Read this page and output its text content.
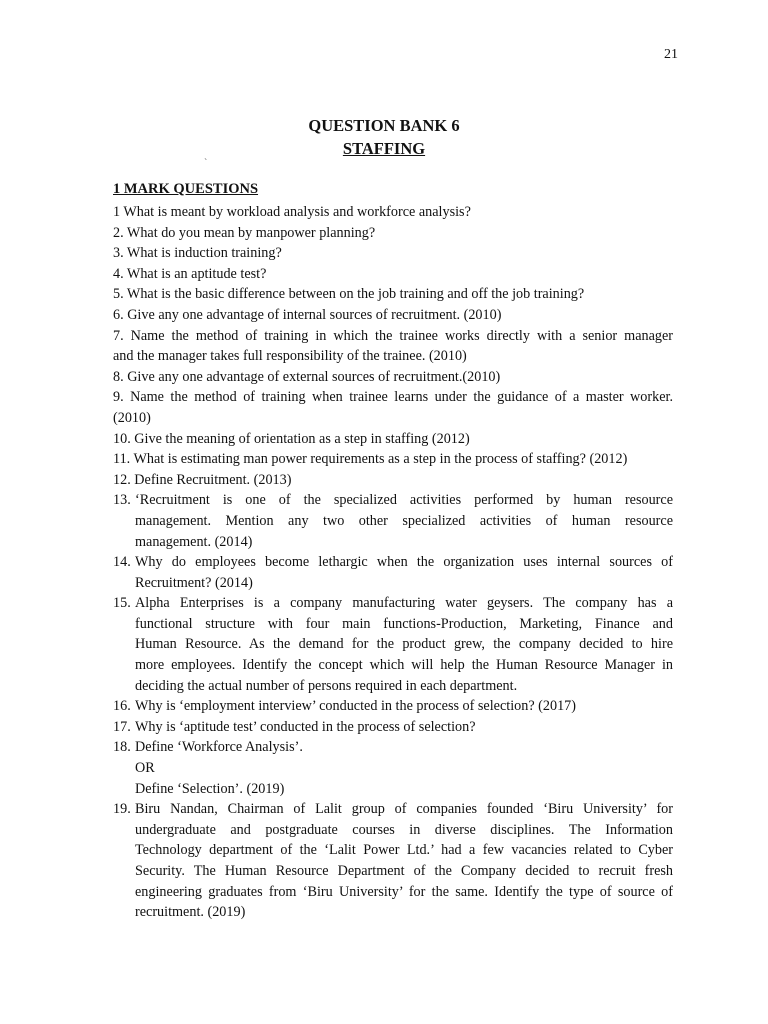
21
QUESTION BANK 6
STAFFING
`
1 MARK QUESTIONS
1 What is meant by workload analysis and workforce analysis?
2. What do you mean by manpower planning?
3. What is induction training?
4. What is an aptitude test?
5. What is the basic difference between on the job training and off the job training?
6. Give any one advantage of internal sources of recruitment. (2010)
7. Name the method of training in which the trainee works directly with a senior manager
and the manager takes full responsibility of the trainee. (2010)
8. Give any one advantage of external sources of recruitment.(2010)
9. Name the method of training when trainee learns under the guidance of a master worker.
(2010)
10. Give the meaning of orientation as a step in staffing (2012)
11. What is estimating man power requirements as a step in the process of staffing? (2012)
12. Define Recruitment. (2013)
13. ‘Recruitment is one of the specialized activities performed by human resource
management. Mention any two other specialized activities of human resource
management. (2014)
14. Why do employees become lethargic when the organization uses internal sources of
Recruitment? (2014)
15. Alpha Enterprises is a company manufacturing water geysers. The company has a
functional structure with four main functions-Production, Marketing, Finance and
Human Resource. As the demand for the product grew, the company decided to hire
more employees. Identify the concept which will help the Human Resource Manager in
deciding the actual number of persons required in each department.
16. Why is ‘employment interview’ conducted in the process of selection? (2017)
17. Why is ‘aptitude test’ conducted in the process of selection?
18. Define ‘Workforce Analysis’.
OR
Define ‘Selection’. (2019)
19. Biru Nandan, Chairman of Lalit group of companies founded ‘Biru University’ for
undergraduate and postgraduate courses in diverse disciplines. The Information
Technology department of the ‘Lalit Power Ltd.’ had a few vacancies related to Cyber
Security. The Human Resource Department of the Company decided to recruit fresh
engineering graduates from ‘Biru University’ for the same. Identify the type of source of
recruitment. (2019)
